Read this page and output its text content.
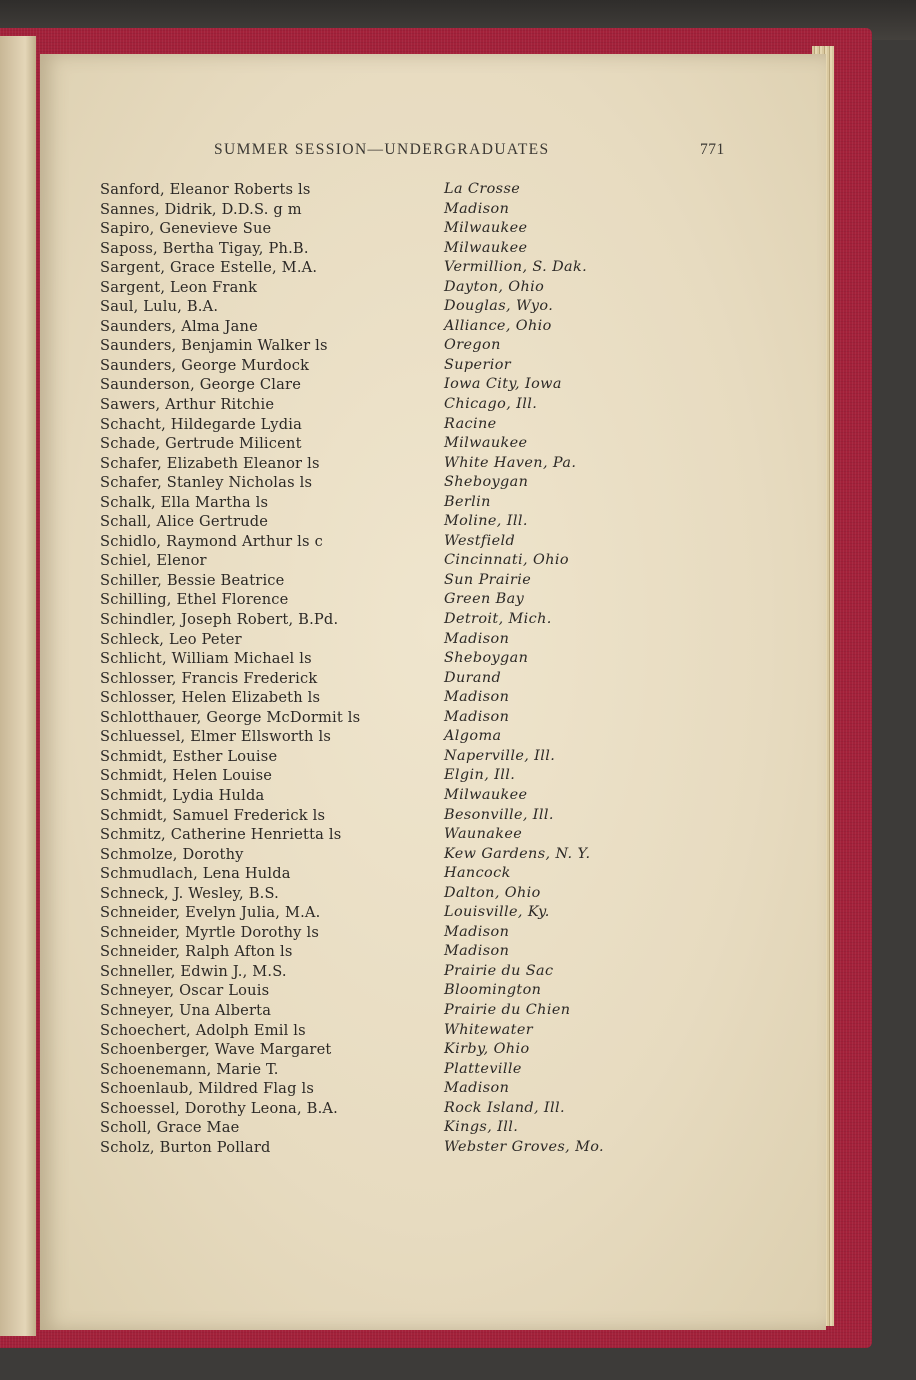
SUMMER SESSION—UNDERGRADUATES	771
Sanford, Eleanor Roberts ls	La Crosse
Sannes, Didrik, D.D.S. g m	Madison
Sapiro, Genevieve Sue	Milwaukee
Saposs, Bertha Tigay, Ph.B.	Milwaukee
Sargent, Grace Estelle, M.A.	Vermillion, S. Dak.
Sargent, Leon Frank	Dayton, Ohio
Saul, Lulu, B.A.	Douglas, Wyo.
Saunders, Alma Jane	Alliance, Ohio
Saunders, Benjamin Walker ls	Oregon
Saunders, George Murdock	Superior
Saunderson, George Clare	Iowa City, Iowa
Sawers, Arthur Ritchie	Chicago, Ill.
Schacht, Hildegarde Lydia	Racine
Schade, Gertrude Milicent	Milwaukee
Schafer, Elizabeth Eleanor ls	White Haven, Pa.
Schafer, Stanley Nicholas ls	Sheboygan
Schalk, Ella Martha ls	Berlin
Schall, Alice Gertrude	Moline, Ill.
Schidlo, Raymond Arthur ls c	Westfield
Schiel, Elenor	Cincinnati, Ohio
Schiller, Bessie Beatrice	Sun Prairie
Schilling, Ethel Florence	Green Bay
Schindler, Joseph Robert, B.Pd.	Detroit, Mich.
Schleck, Leo Peter	Madison
Schlicht, William Michael ls	Sheboygan
Schlosser, Francis Frederick	Durand
Schlosser, Helen Elizabeth ls	Madison
Schlotthauer, George McDormit ls	Madison
Schluessel, Elmer Ellsworth ls	Algoma
Schmidt, Esther Louise	Naperville, Ill.
Schmidt, Helen Louise	Elgin, Ill.
Schmidt, Lydia Hulda	Milwaukee
Schmidt, Samuel Frederick ls	Besonville, Ill.
Schmitz, Catherine Henrietta ls	Waunakee
Schmolze, Dorothy	Kew Gardens, N. Y.
Schmudlach, Lena Hulda	Hancock
Schneck, J. Wesley, B.S.	Dalton, Ohio
Schneider, Evelyn Julia, M.A.	Louisville, Ky.
Schneider, Myrtle Dorothy ls	Madison
Schneider, Ralph Afton ls	Madison
Schneller, Edwin J., M.S.	Prairie du Sac
Schneyer, Oscar Louis	Bloomington
Schneyer, Una Alberta	Prairie du Chien
Schoechert, Adolph Emil ls	Whitewater
Schoenberger, Wave Margaret	Kirby, Ohio
Schoenemann, Marie T.	Platteville
Schoenlaub, Mildred Flag ls	Madison
Schoessel, Dorothy Leona, B.A.	Rock Island, Ill.
Scholl, Grace Mae	Kings, Ill.
Scholz, Burton Pollard	Webster Groves, Mo.
